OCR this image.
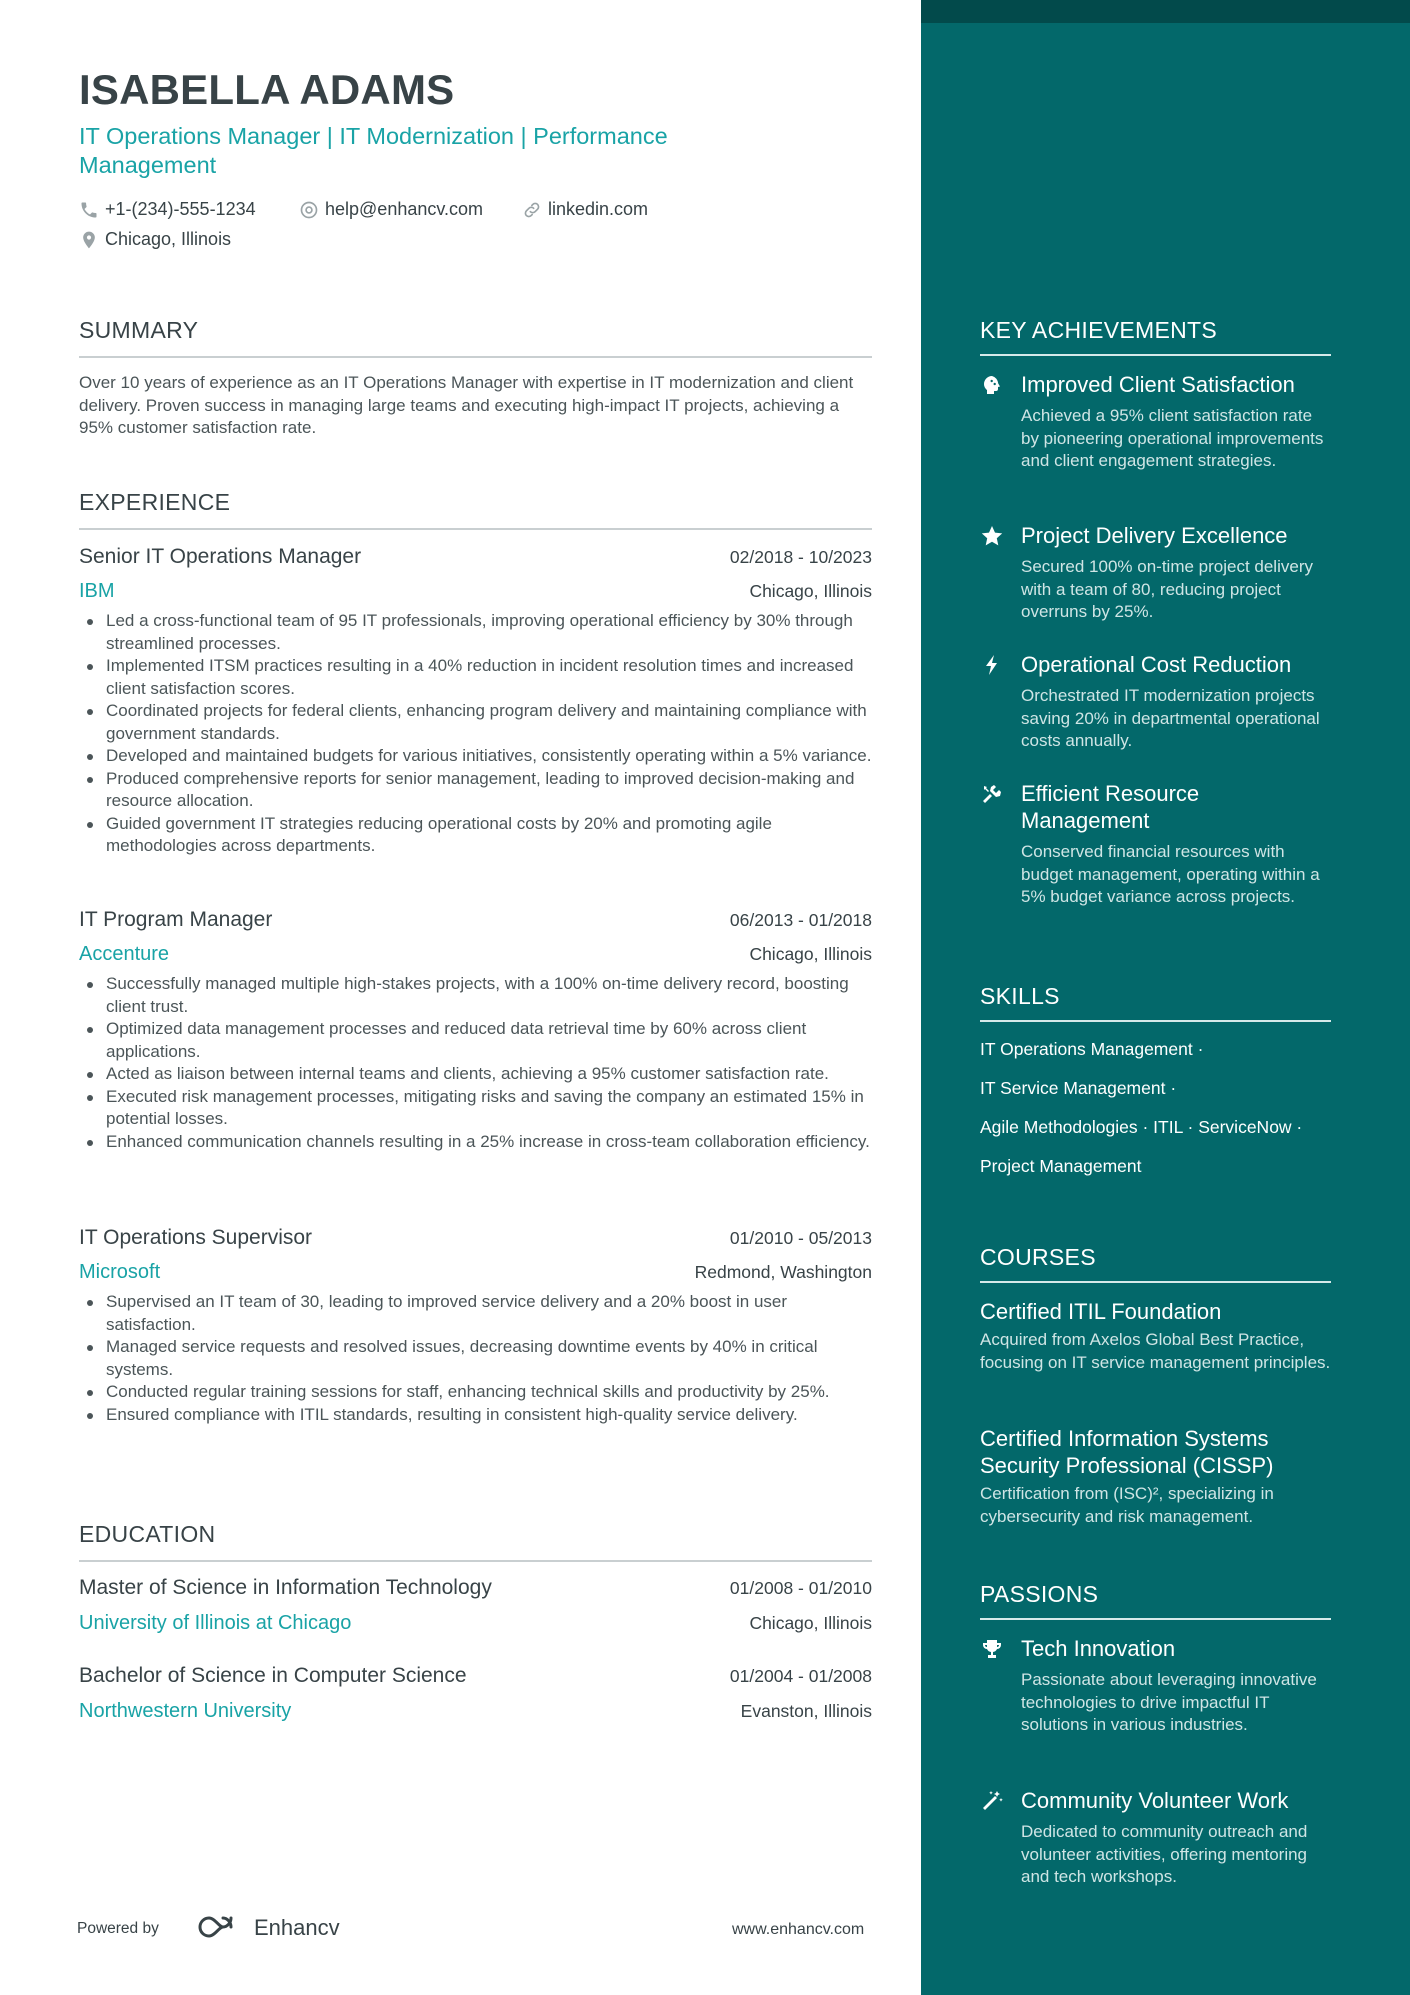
ISABELLA ADAMS
IT Operations Manager | IT Modernization | Performance Management
+1-(234)-555-1234	help@enhancv.com	linkedin.com
Chicago, Illinois
SUMMARY
Over 10 years of experience as an IT Operations Manager with expertise in IT modernization and client delivery. Proven success in managing large teams and executing high-impact IT projects, achieving a 95% customer satisfaction rate.
EXPERIENCE
Senior IT Operations Manager	02/2018 - 10/2023
IBM	Chicago, Illinois
Led a cross-functional team of 95 IT professionals, improving operational efficiency by 30% through streamlined processes.
Implemented ITSM practices resulting in a 40% reduction in incident resolution times and increased client satisfaction scores.
Coordinated projects for federal clients, enhancing program delivery and maintaining compliance with government standards.
Developed and maintained budgets for various initiatives, consistently operating within a 5% variance.
Produced comprehensive reports for senior management, leading to improved decision-making and resource allocation.
Guided government IT strategies reducing operational costs by 20% and promoting agile methodologies across departments.
IT Program Manager	06/2013 - 01/2018
Accenture	Chicago, Illinois
Successfully managed multiple high-stakes projects, with a 100% on-time delivery record, boosting client trust.
Optimized data management processes and reduced data retrieval time by 60% across client applications.
Acted as liaison between internal teams and clients, achieving a 95% customer satisfaction rate.
Executed risk management processes, mitigating risks and saving the company an estimated 15% in potential losses.
Enhanced communication channels resulting in a 25% increase in cross-team collaboration efficiency.
IT Operations Supervisor	01/2010 - 05/2013
Microsoft	Redmond, Washington
Supervised an IT team of 30, leading to improved service delivery and a 20% boost in user satisfaction.
Managed service requests and resolved issues, decreasing downtime events by 40% in critical systems.
Conducted regular training sessions for staff, enhancing technical skills and productivity by 25%.
Ensured compliance with ITIL standards, resulting in consistent high-quality service delivery.
EDUCATION
Master of Science in Information Technology	01/2008 - 01/2010
University of Illinois at Chicago	Chicago, Illinois
Bachelor of Science in Computer Science	01/2004 - 01/2008
Northwestern University	Evanston, Illinois
Powered by	Enhancv	www.enhancv.com
KEY ACHIEVEMENTS
Improved Client Satisfaction
Achieved a 95% client satisfaction rate by pioneering operational improvements and client engagement strategies.
Project Delivery Excellence
Secured 100% on-time project delivery with a team of 80, reducing project overruns by 25%.
Operational Cost Reduction
Orchestrated IT modernization projects saving 20% in departmental operational costs annually.
Efficient Resource Management
Conserved financial resources with budget management, operating within a 5% budget variance across projects.
SKILLS
IT Operations Management ·
IT Service Management ·
Agile Methodologies · ITIL · ServiceNow ·
Project Management
COURSES
Certified ITIL Foundation
Acquired from Axelos Global Best Practice, focusing on IT service management principles.
Certified Information Systems Security Professional (CISSP)
Certification from (ISC)², specializing in cybersecurity and risk management.
PASSIONS
Tech Innovation
Passionate about leveraging innovative technologies to drive impactful IT solutions in various industries.
Community Volunteer Work
Dedicated to community outreach and volunteer activities, offering mentoring and tech workshops.
